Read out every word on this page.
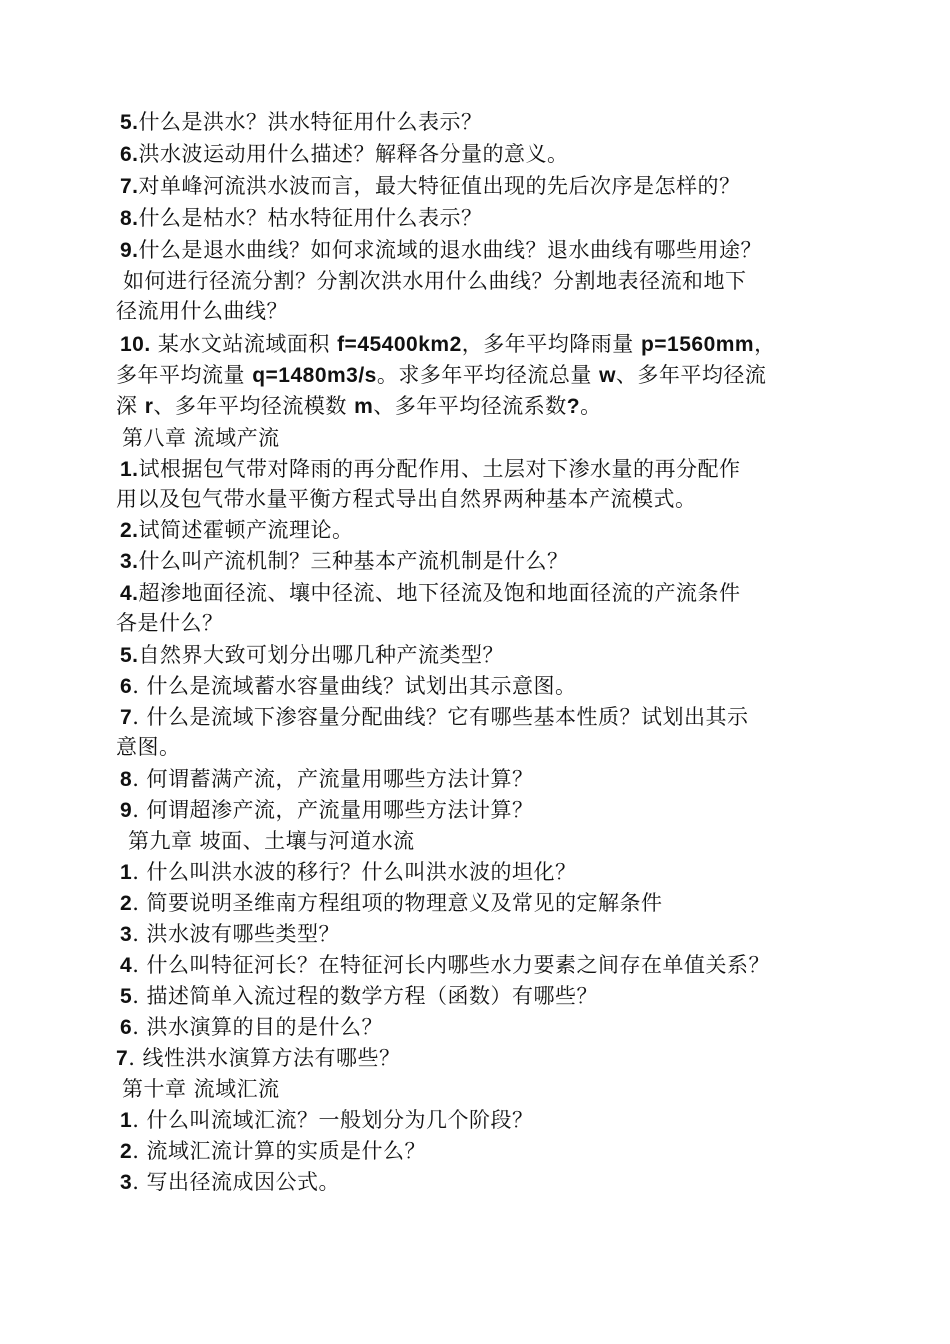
5.什么是洪水？洪水特征用什么表示？
6.洪水波运动用什么描述？解释各分量的意义。
7.对单峰河流洪水波而言，最大特征值出现的先后次序是怎样的？
8.什么是枯水？枯水特征用什么表示？
9.什么是退水曲线？如何求流域的退水曲线？退水曲线有哪些用途？
如何进行径流分割？分割次洪水用什么曲线？分割地表径流和地下
径流用什么曲线？
10. 某水文站流域面积 f=45400km2，多年平均降雨量 p=1560mm，
多年平均流量 q=1480m3/s。求多年平均径流总量 w、多年平均径流
深 r、多年平均径流模数 m、多年平均径流系数?。
第八章 流域产流
1.试根据包气带对降雨的再分配作用、土层对下渗水量的再分配作
用以及包气带水量平衡方程式导出自然界两种基本产流模式。
2.试简述霍顿产流理论。
3.什么叫产流机制？三种基本产流机制是什么？
4.超渗地面径流、壤中径流、地下径流及饱和地面径流的产流条件
各是什么？
5.自然界大致可划分出哪几种产流类型？
6. 什么是流域蓄水容量曲线？试划出其示意图。
7. 什么是流域下渗容量分配曲线？它有哪些基本性质？试划出其示
意图。
8. 何谓蓄满产流，产流量用哪些方法计算？
9. 何谓超渗产流，产流量用哪些方法计算？
第九章 坡面、土壤与河道水流
1. 什么叫洪水波的移行？什么叫洪水波的坦化？
2. 简要说明圣维南方程组项的物理意义及常见的定解条件
3. 洪水波有哪些类型？
4. 什么叫特征河长？在特征河长内哪些水力要素之间存在单值关系？
5. 描述简单入流过程的数学方程（函数）有哪些？
6. 洪水演算的目的是什么？
7. 线性洪水演算方法有哪些？
第十章 流域汇流
1. 什么叫流域汇流？一般划分为几个阶段？
2. 流域汇流计算的实质是什么？
3. 写出径流成因公式。
